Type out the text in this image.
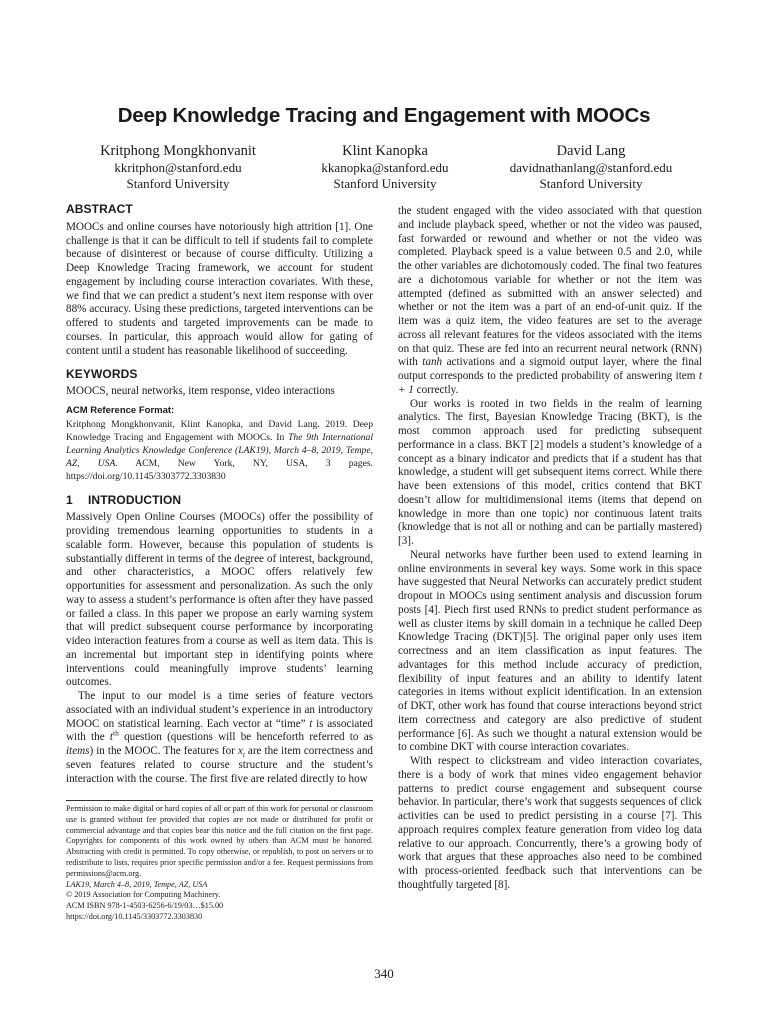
Deep Knowledge Tracing and Engagement with MOOCs
Kritphong Mongkhonvanit
kkritphon@stanford.edu
Stanford University
Klint Kanopka
kkanopka@stanford.edu
Stanford University
David Lang
davidnathanlang@stanford.edu
Stanford University
ABSTRACT

MOOCs and online courses have notoriously high attrition [1]. One challenge is that it can be difficult to tell if students fail to complete because of disinterest or because of course difficulty. Utilizing a Deep Knowledge Tracing framework, we account for student engagement by including course interaction covariates. With these, we find that we can predict a student’s next item response with over 88% accuracy. Using these predictions, targeted interventions can be offered to students and targeted improvements can be made to courses. In particular, this approach would allow for gating of content until a student has reasonable likelihood of succeeding.

KEYWORDS

MOOCS, neural networks, item response, video interactions

ACM Reference Format:

Kritphong Mongkhonvanit, Klint Kanopka, and David Lang. 2019. Deep Knowledge Tracing and Engagement with MOOCs. In The 9th International Learning Analytics Knowledge Conference (LAK19), March 4–8, 2019, Tempe, AZ, USA. ACM, New York, NY, USA, 3 pages. https://doi.org/10.1145/3303772.3303830

1 INTRODUCTION

Massively Open Online Courses (MOOCs) offer the possibility of providing tremendous learning opportunities to students in a scalable form. However, because this population of students is substantially different in terms of the degree of interest, background, and other characteristics, a MOOC offers relatively few opportunities for assessment and personalization. As such the only way to assess a student’s performance is often after they have passed or failed a class. In this paper we propose an early warning system that will predict subsequent course performance by incorporating video interaction features from a course as well as item data. This is an incremental but important step in identifying points where interventions could meaningfully improve students’ learning outcomes.

The input to our model is a time series of feature vectors associated with an individual student’s experience in an introductory MOOC on statistical learning. Each vector at “time” t is associated with the $t^{th}$ question (questions will be henceforth referred to as items) in the MOOC. The features for $x_t$ are the item correctness and seven features related to course structure and the student’s interaction with the course. The first five are related directly to how

the student engaged with the video associated with that question and include playback speed, whether or not the video was paused, fast forwarded or rewound and whether or not the video was completed. Playback speed is a value between 0.5 and 2.0, while the other variables are dichotomously coded. The final two features are a dichotomous variable for whether or not the item was attempted (defined as submitted with an answer selected) and whether or not the item was a part of an end-of-unit quiz. If the item was a quiz item, the video features are set to the average across all relevant features for the videos associated with the items on that quiz. These are fed into an recurrent neural network (RNN) with tanh activations and a sigmoid output layer, where the final output corresponds to the predicted probability of answering item t + 1 correctly.

Our works is rooted in two fields in the realm of learning analytics. The first, Bayesian Knowledge Tracing (BKT), is the most common approach used for predicting subsequent performance in a class. BKT [2] models a student’s knowledge of a concept as a binary indicator and predicts that if a student has that knowledge, a student will get subsequent items correct. While there have been extensions of this model, critics contend that BKT doesn’t allow for multidimensional items (items that depend on knowledge in more than one topic) nor continuous latent traits (knowledge that is not all or nothing and can be partially mastered)[3].

Neural networks have further been used to extend learning in online environments in several key ways. Some work in this space have suggested that Neural Networks can accurately predict student dropout in MOOCs using sentiment analysis and discussion forum posts [4]. Piech first used RNNs to predict student performance as well as cluster items by skill domain in a technique he called Deep Knowledge Tracing (DKT)[5]. The original paper only uses item correctness and an item classification as input features. The advantages for this method include accuracy of prediction, flexibility of input features and an ability to identify latent categories in items without explicit identification. In an extension of DKT, other work has found that course interactions beyond strict item correctness and category are also predictive of student performance [6]. As such we thought a natural extension would be to combine DKT with course interaction covariates.

With respect to clickstream and video interaction covariates, there is a body of work that mines video engagement behavior patterns to predict course engagement and subsequent course behavior. In particular, there’s work that suggests sequences of click activities can be used to predict persisting in a course [7]. This approach requires complex feature generation from video log data relative to our approach. Concurrently, there’s a growing body of work that argues that these approaches also need to be combined with process-oriented feedback such that interventions can be thoughtfully targeted [8].

Permission to make digital or hard copies of all or part of this work for personal or classroom use is granted without fee provided that copies are not made or distributed for profit or commercial advantage and that copies bear this notice and the full citation on the first page. Copyrights for components of this work owned by others than ACM must be honored. Abstracting with credit is permitted. To copy otherwise, or republish, to post on servers or to redistribute to lists, requires prior specific permission and/or a fee. Request permissions from permissions@acm.org.

LAK19, March 4–8, 2019, Tempe, AZ, USA

© 2019 Association for Computing Machinery.

ACM ISBN 978-1-4503-6256-6/19/03…$15.00

https://doi.org/10.1145/3303772.3303830

340
